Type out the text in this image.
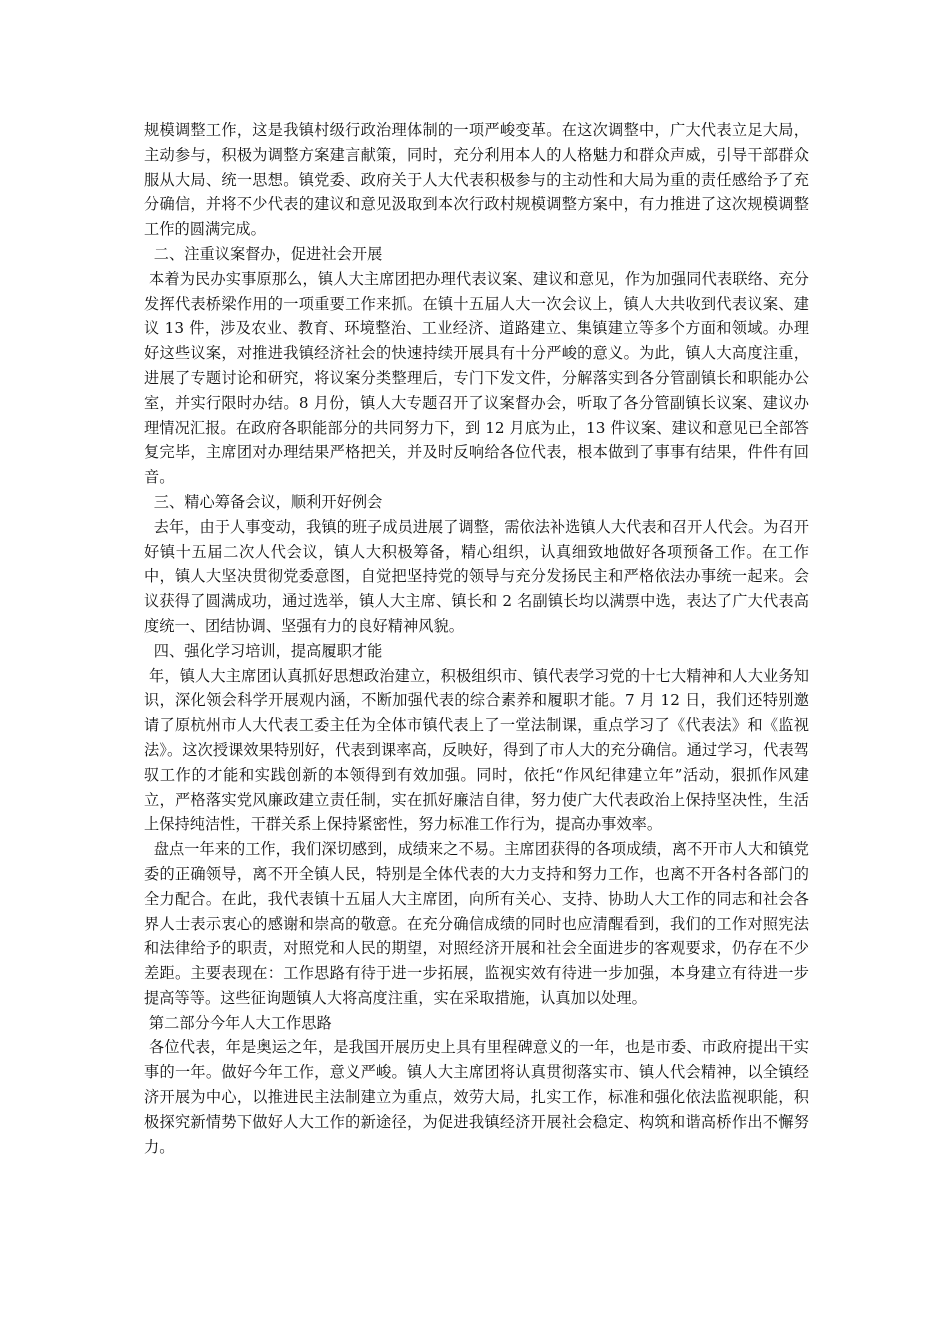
规模调整工作，这是我镇村级行政治理体制的一项严峻变革。在这次调整中，广大代表立足大局，主动参与，积极为调整方案建言献策，同时，充分利用本人的人格魅力和群众声威，引导干部群众服从大局、统一思想。镇党委、政府关于人大代表积极参与的主动性和大局为重的责任感给予了充分确信，并将不少代表的建议和意见汲取到本次行政村规模调整方案中，有力推进了这次规模调整工作的圆满完成。

二、注重议案督办，促进社会开展

本着为民办实事原那么，镇人大主席团把办理代表议案、建议和意见，作为加强同代表联络、充分发挥代表桥梁作用的一项重要工作来抓。在镇十五届人大一次会议上，镇人大共收到代表议案、建议 13 件，涉及农业、教育、环境整治、工业经济、道路建立、集镇建立等多个方面和领域。办理好这些议案，对推进我镇经济社会的快速持续开展具有十分严峻的意义。为此，镇人大高度注重，进展了专题讨论和研究，将议案分类整理后，专门下发文件，分解落实到各分管副镇长和职能办公室，并实行限时办结。8 月份，镇人大专题召开了议案督办会，听取了各分管副镇长议案、建议办理情况汇报。在政府各职能部分的共同努力下，到 12 月底为止，13 件议案、建议和意见已全部答复完毕，主席团对办理结果严格把关，并及时反响给各位代表，根本做到了事事有结果，件件有回音。

三、精心筹备会议，顺利开好例会

去年，由于人事变动，我镇的班子成员进展了调整，需依法补选镇人大代表和召开人代会。为召开好镇十五届二次人代会议，镇人大积极筹备，精心组织，认真细致地做好各项预备工作。在工作中，镇人大坚决贯彻党委意图，自觉把坚持党的领导与充分发扬民主和严格依法办事统一起来。会议获得了圆满成功，通过选举，镇人大主席、镇长和 2 名副镇长均以满票中选，表达了广大代表高度统一、团结协调、坚强有力的良好精神风貌。

四、强化学习培训，提高履职才能

年，镇人大主席团认真抓好思想政治建立，积极组织市、镇代表学习党的十七大精神和人大业务知识，深化领会科学开展观内涵，不断加强代表的综合素养和履职才能。7 月 12 日，我们还特别邀请了原杭州市人大代表工委主任为全体市镇代表上了一堂法制课，重点学习了《代表法》和《监视法》。这次授课效果特别好，代表到课率高，反映好，得到了市人大的充分确信。通过学习，代表驾驭工作的才能和实践创新的本领得到有效加强。同时，依托“作风纪律建立年”活动，狠抓作风建立，严格落实党风廉政建立责任制，实在抓好廉洁自律，努力使广大代表政治上保持坚决性，生活上保持纯洁性，干群关系上保持紧密性，努力标准工作行为，提高办事效率。

盘点一年来的工作，我们深切感到，成绩来之不易。主席团获得的各项成绩，离不开市人大和镇党委的正确领导，离不开全镇人民，特别是全体代表的大力支持和努力工作，也离不开各村各部门的全力配合。在此，我代表镇十五届人大主席团，向所有关心、支持、协助人大工作的同志和社会各界人士表示衷心的感谢和崇高的敬意。在充分确信成绩的同时也应清醒看到，我们的工作对照宪法和法律给予的职责，对照党和人民的期望，对照经济开展和社会全面进步的客观要求，仍存在不少差距。主要表现在：工作思路有待于进一步拓展，监视实效有待进一步加强，本身建立有待进一步提高等等。这些征询题镇人大将高度注重，实在采取措施，认真加以处理。

第二部分今年人大工作思路

各位代表，年是奥运之年，是我国开展历史上具有里程碑意义的一年，也是市委、市政府提出干实事的一年。做好今年工作，意义严峻。镇人大主席团将认真贯彻落实市、镇人代会精神，以全镇经济开展为中心，以推进民主法制建立为重点，效劳大局，扎实工作，标准和强化依法监视职能，积极探究新情势下做好人大工作的新途径，为促进我镇经济开展社会稳定、构筑和谐高桥作出不懈努力。
